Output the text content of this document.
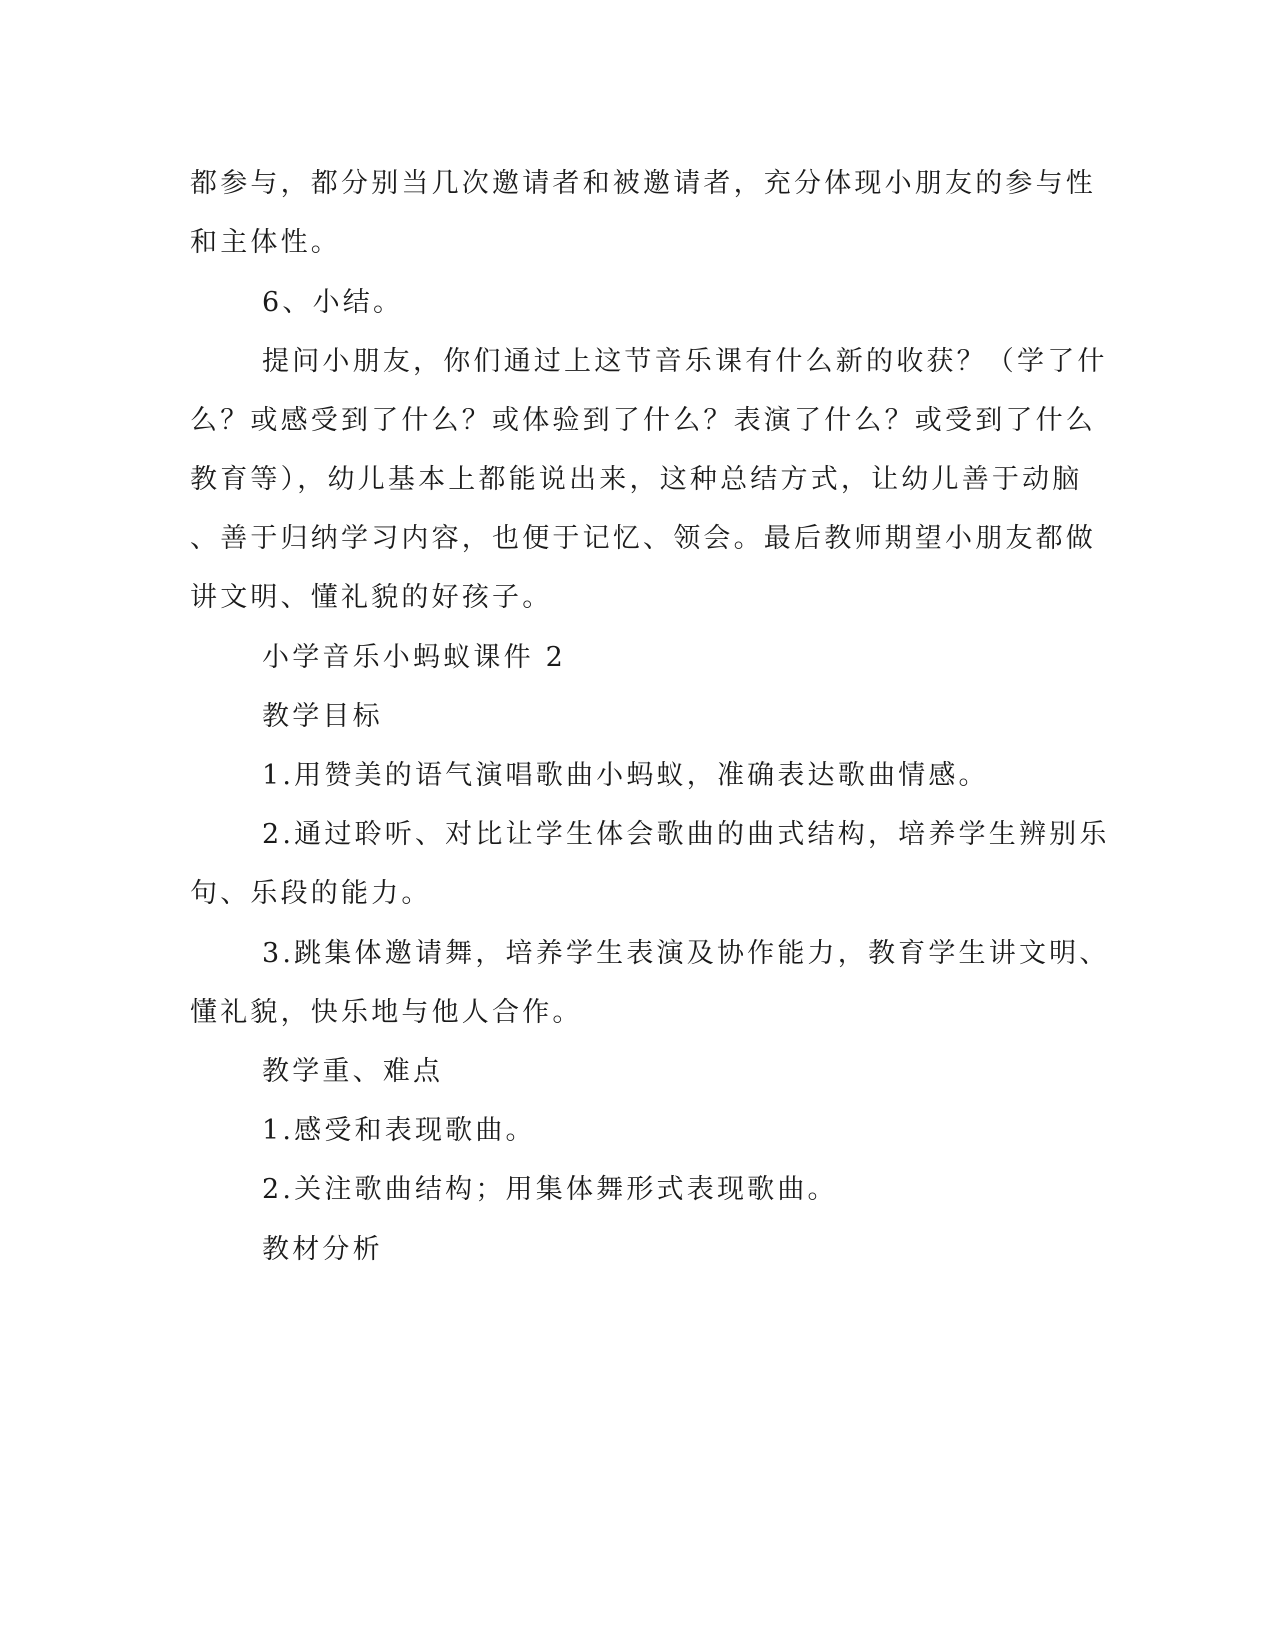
都参与，都分别当几次邀请者和被邀请者，充分体现小朋友的参与性
和主体性。
6、小结。
提问小朋友，你们通过上这节音乐课有什么新的收获？（学了什
么？或感受到了什么？或体验到了什么？表演了什么？或受到了什么
教育等），幼儿基本上都能说出来，这种总结方式，让幼儿善于动脑
、善于归纳学习内容，也便于记忆、领会。最后教师期望小朋友都做
讲文明、懂礼貌的好孩子。
小学音乐小蚂蚁课件 2
教学目标
1.用赞美的语气演唱歌曲小蚂蚁，准确表达歌曲情感。
2.通过聆听、对比让学生体会歌曲的曲式结构，培养学生辨别乐
句、乐段的能力。
3.跳集体邀请舞，培养学生表演及协作能力，教育学生讲文明、
懂礼貌，快乐地与他人合作。
教学重、难点
1.感受和表现歌曲。
2.关注歌曲结构；用集体舞形式表现歌曲。
教材分析
